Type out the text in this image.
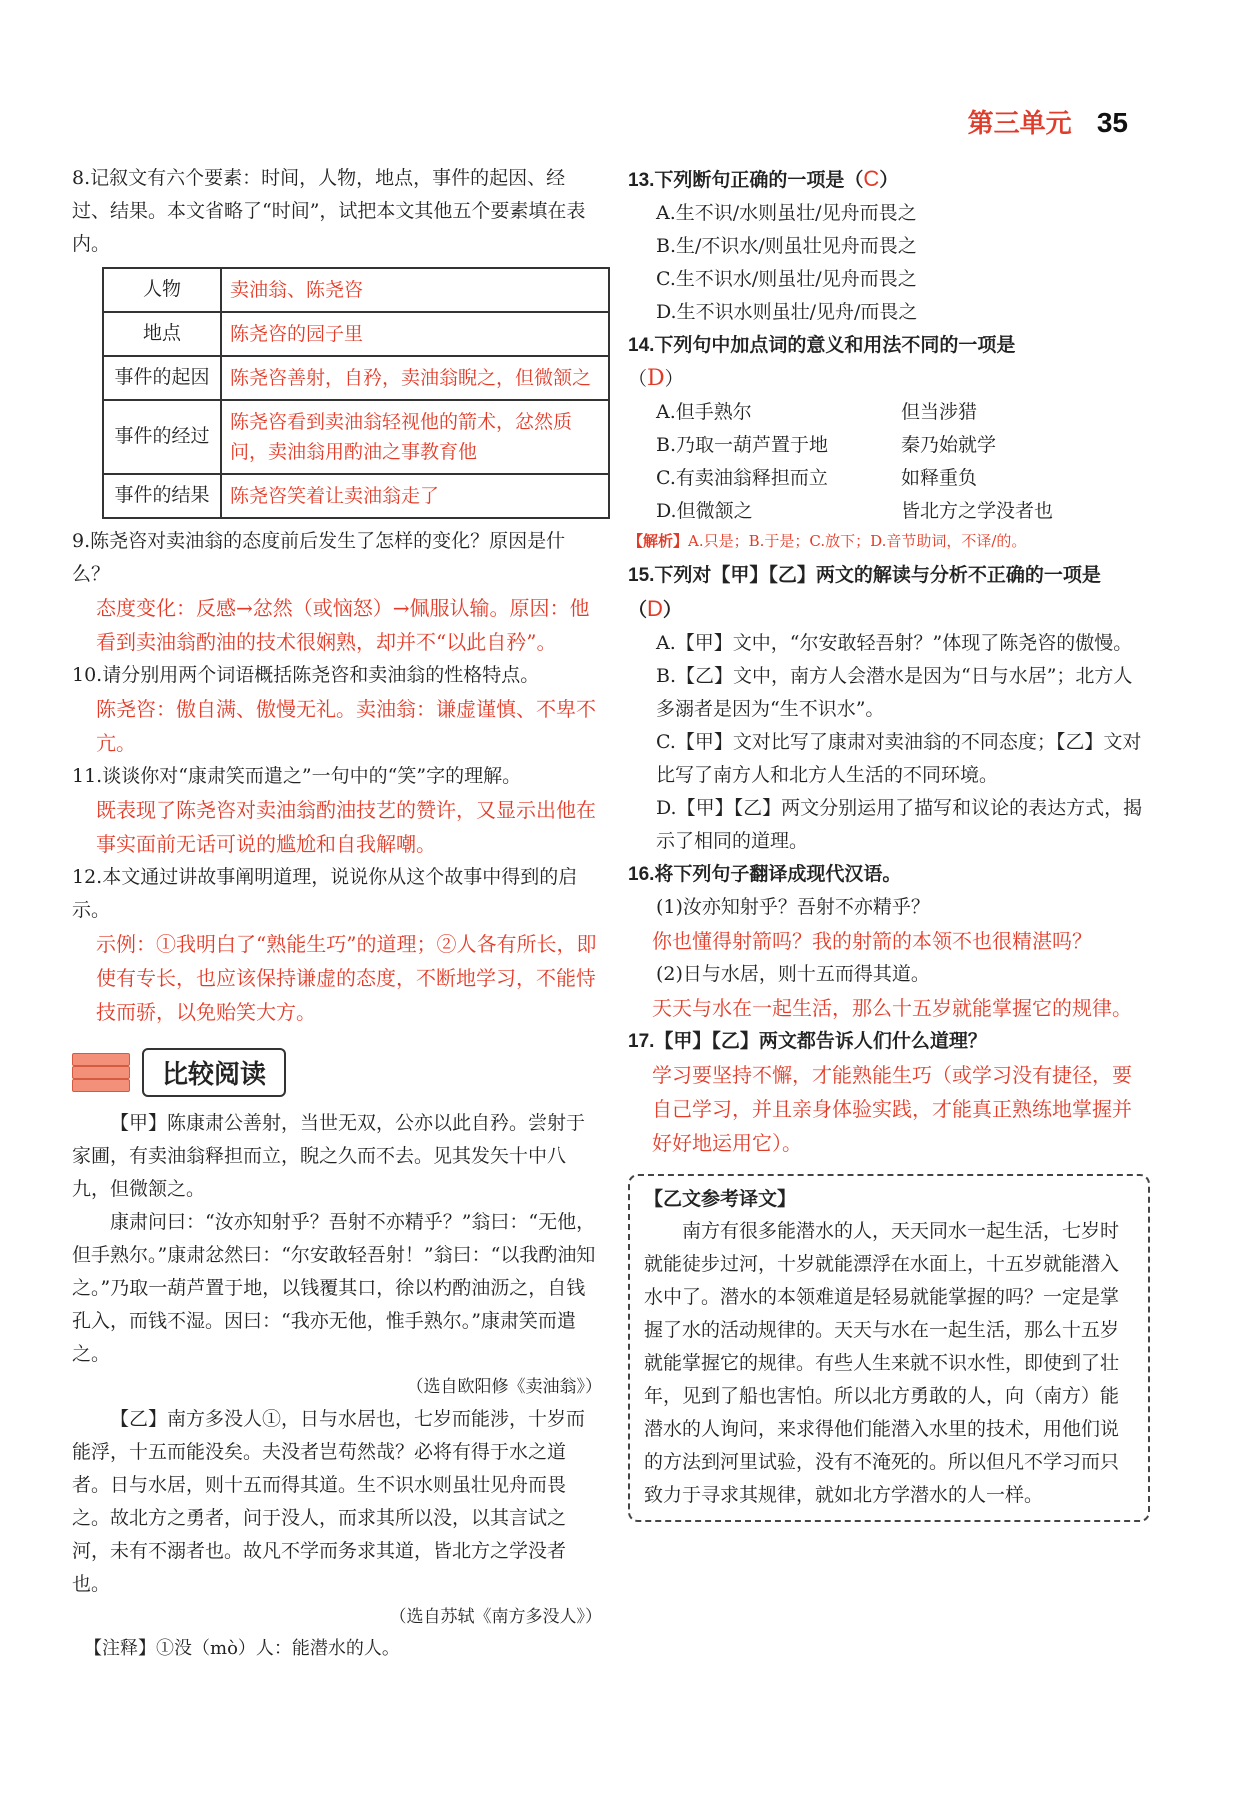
第三单元 35

8.记叙文有六个要素：时间，人物，地点，事件的起因、经过、结果。本文省略了“时间”，试把本文其他五个要素填在表内。

人物	卖油翁、陈尧咨
地点	陈尧咨的园子里
事件的起因	陈尧咨善射，自矜，卖油翁睨之，但微颔之
事件的经过	陈尧咨看到卖油翁轻视他的箭术，忿然质问，卖油翁用酌油之事教育他
事件的结果	陈尧咨笑着让卖油翁走了

9.陈尧咨对卖油翁的态度前后发生了怎样的变化？原因是什么？

态度变化：反感→忿然（或恼怒）→佩服认输。原因：他看到卖油翁酌油的技术很娴熟，却并不“以此自矜”。

10.请分别用两个词语概括陈尧咨和卖油翁的性格特点。

陈尧咨：傲自满、傲慢无礼。卖油翁：谦虚谨慎、不卑不亢。

11.谈谈你对“康肃笑而遣之”一句中的“笑”字的理解。

既表现了陈尧咨对卖油翁酌油技艺的赞许，又显示出他在事实面前无话可说的尴尬和自我解嘲。

12.本文通过讲故事阐明道理，说说你从这个故事中得到的启示。

示例：①我明白了“熟能生巧”的道理；②人各有所长，即使有专长，也应该保持谦虚的态度，不断地学习，不能恃技而骄，以免贻笑大方。

比较阅读

【甲】陈康肃公善射，当世无双，公亦以此自矜。尝射于家圃，有卖油翁释担而立，睨之久而不去。见其发矢十中八九，但微颔之。

康肃问曰：“汝亦知射乎？吾射不亦精乎？”翁曰：“无他，但手熟尔。”康肃忿然曰：“尔安敢轻吾射！”翁曰：“以我酌油知之。”乃取一葫芦置于地，以钱覆其口，徐以杓酌油沥之，自钱孔入，而钱不湿。因曰：“我亦无他，惟手熟尔。”康肃笑而遣之。

（选自欧阳修《卖油翁》）

【乙】南方多没人①，日与水居也，七岁而能涉，十岁而能浮，十五而能没矣。夫没者岂苟然哉？必将有得于水之道者。日与水居，则十五而得其道。生不识水则虽壮见舟而畏之。故北方之勇者，问于没人，而求其所以没，以其言试之河，未有不溺者也。故凡不学而务求其道，皆北方之学没者也。

（选自苏轼《南方多没人》）

【注释】①没（mò）人：能潜水的人。

13.下列断句正确的一项是（C）

A.生不识/水则虽壮/见舟而畏之
B.生/不识水/则虽壮见舟而畏之
C.生不识水/则虽壮/见舟而畏之
D.生不识水则虽壮/见舟/而畏之

14.下列句中加点词的意义和用法不同的一项是

（D）

A.但手熟尔	但当涉猎
B.乃取一葫芦置于地	秦乃始就学
C.有卖油翁释担而立	如释重负
D.但微颔之	皆北方之学没者也

【解析】A.只是；B.于是；C.放下；D.音节助词，不译/的。

15.下列对【甲】【乙】两文的解读与分析不正确的一项是（D）

A.【甲】文中，“尔安敢轻吾射？”体现了陈尧咨的傲慢。
B.【乙】文中，南方人会潜水是因为“日与水居”；北方人多溺者是因为“生不识水”。
C.【甲】文对比写了康肃对卖油翁的不同态度；【乙】文对比写了南方人和北方人生活的不同环境。
D.【甲】【乙】两文分别运用了描写和议论的表达方式，揭示了相同的道理。

16.将下列句子翻译成现代汉语。

(1)汝亦知射乎？吾射不亦精乎？

你也懂得射箭吗？我的射箭的本领不也很精湛吗？

(2)日与水居，则十五而得其道。

天天与水在一起生活，那么十五岁就能掌握它的规律。

17.【甲】【乙】两文都告诉人们什么道理？

学习要坚持不懈，才能熟能生巧（或学习没有捷径，要自己学习，并且亲身体验实践，才能真正熟练地掌握并好好地运用它）。

【乙文参考译文】

南方有很多能潜水的人，天天同水一起生活，七岁时就能徒步过河，十岁就能漂浮在水面上，十五岁就能潜入水中了。潜水的本领难道是轻易就能掌握的吗？一定是掌握了水的活动规律的。天天与水在一起生活，那么十五岁就能掌握它的规律。有些人生来就不识水性，即使到了壮年，见到了船也害怕。所以北方勇敢的人，向（南方）能潜水的人询问，来求得他们能潜入水里的技术，用他们说的方法到河里试验，没有不淹死的。所以但凡不学习而只致力于寻求其规律，就如北方学潜水的人一样。
